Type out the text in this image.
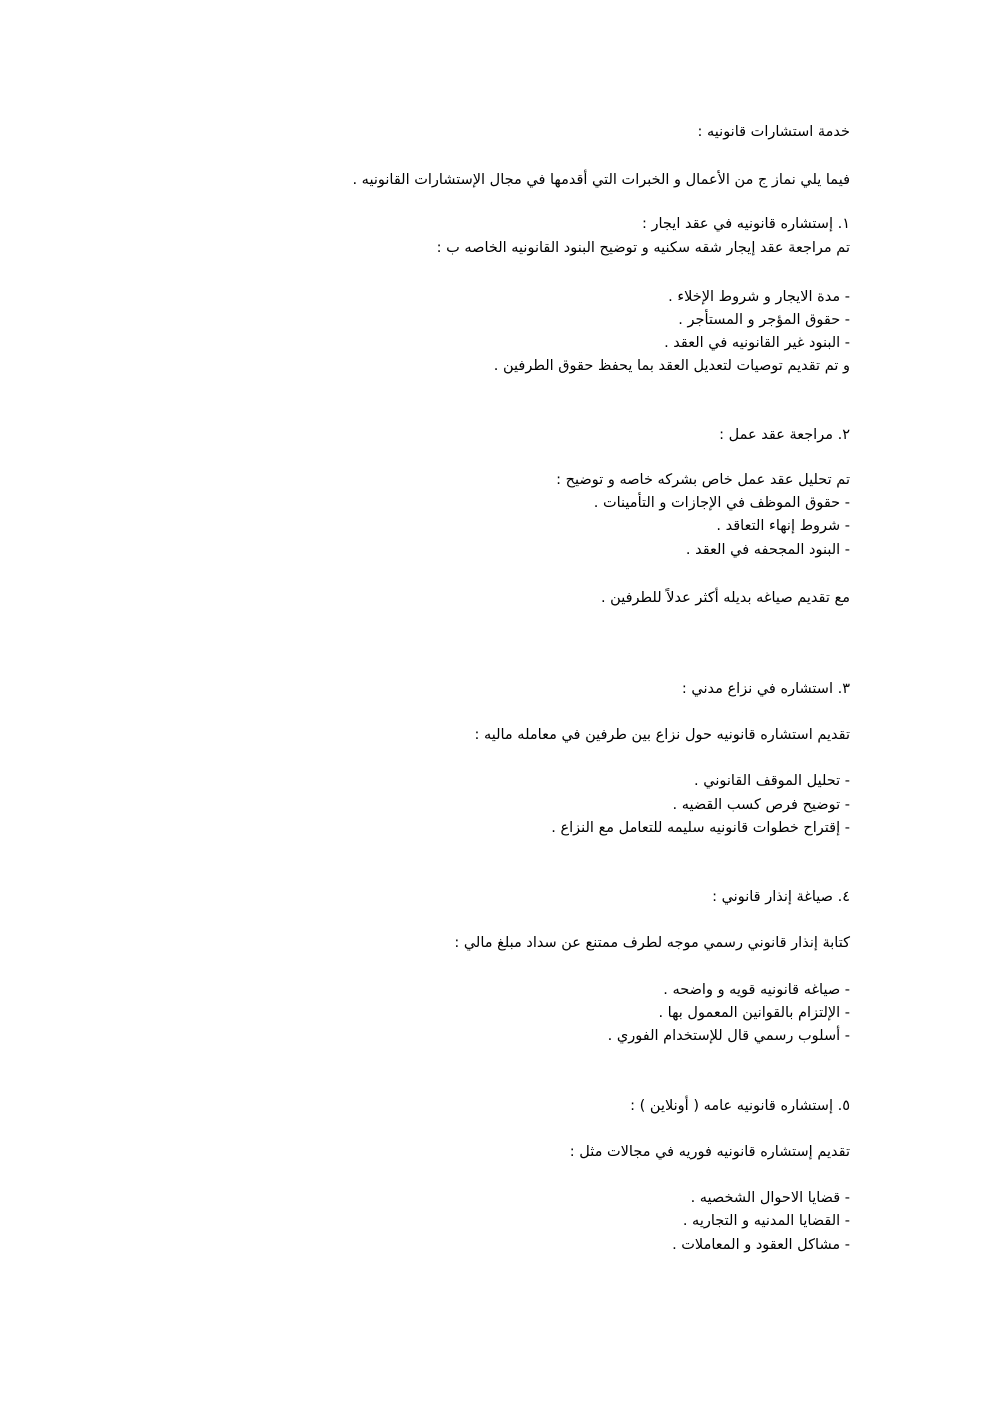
خدمة استشارات قانونيه :

فيما يلي نماز ج من الأعمال و الخبرات التي أقدمها في مجال الإستشارات القانونيه .

١. إستشاره قانونيه في عقد ايجار :

تم مراجعة عقد إيجار شقه سكنيه و توضيح البنود القانونيه الخاصه ب :

- مدة الايجار و شروط الإخلاء .

- حقوق المؤجر و المستأجر .

- البنود غير القانونيه في العقد .

و تم تقديم توصيات لتعديل العقد بما يحفظ حقوق الطرفين .

٢. مراجعة عقد عمل :

تم تحليل عقد عمل خاص بشركه خاصه و توضيح :

- حقوق الموظف في الإجازات و التأمينات .

- شروط إنهاء التعاقد .

- البنود المجحفه في العقد .

مع تقديم صياغه بديله أكثر عدلاً للطرفين .

٣. استشاره في نزاع مدني :

تقديم استشاره قانونيه حول نزاع بين طرفين في معامله ماليه :

- تحليل الموقف القانوني .

- توضيح فرص كسب القضيه .

- إقتراح خطوات قانونيه سليمه للتعامل مع النزاع .

٤. صياغة إنذار قانوني :

كتابة إنذار قانوني رسمي موجه لطرف ممتنع عن سداد مبلغ مالي :

- صياغه قانونيه قويه و واضحه .

- الإلتزام بالقوانين المعمول بها .

- أسلوب رسمي قال للإستخدام الفوري .

٥. إستشاره قانونيه عامه ( أونلاين ) :

تقديم إستشاره قانونيه فوريه في مجالات مثل :

- قضايا الاحوال الشخصيه .

- القضايا المدنيه و التجاريه .

- مشاكل العقود و المعاملات .
